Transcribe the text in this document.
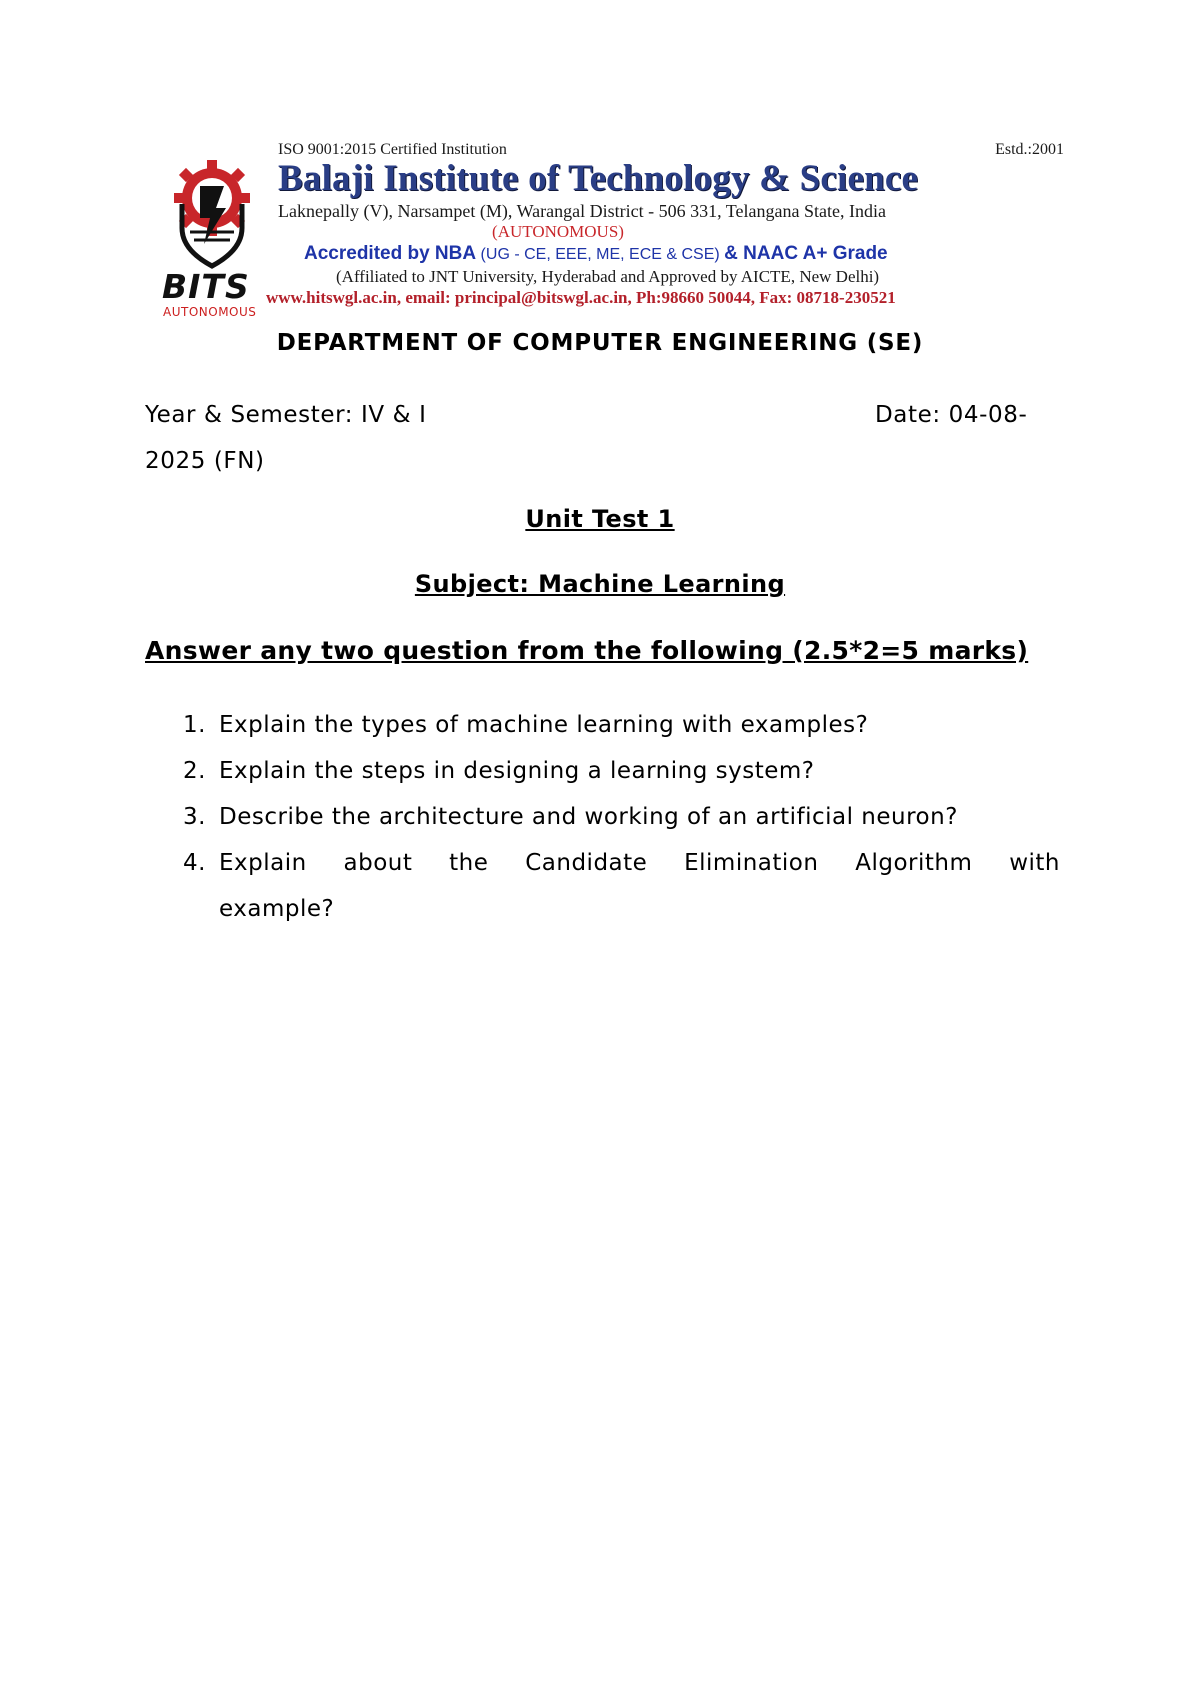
BITS
AUTONOMOUS
ISO 9001:2015 Certified Institution	Estd.:2001
Balaji Institute of Technology & Science
Laknepally (V), Narsampet (M), Warangal District - 506 331, Telangana State, India
(AUTONOMOUS)
Accredited by NBA (UG - CE, EEE, ME, ECE & CSE) & NAAC A+ Grade
(Affiliated to JNT University, Hyderabad and Approved by AICTE, New Delhi)
www.hitswgl.ac.in, email: principal@bitswgl.ac.in, Ph:98660 50044, Fax: 08718-230521
DEPARTMENT OF COMPUTER ENGINEERING (SE)
Year & Semester: IV & I	Date: 04-08-
2025 (FN)
Unit Test 1
Subject: Machine Learning
Answer any two question from the following (2.5*2=5 marks)
1. Explain the types of machine learning with examples?
2. Explain the steps in designing a learning system?
3. Describe the architecture and working of an artificial neuron?
4. Explain about the Candidate Elimination Algorithm with
example?
